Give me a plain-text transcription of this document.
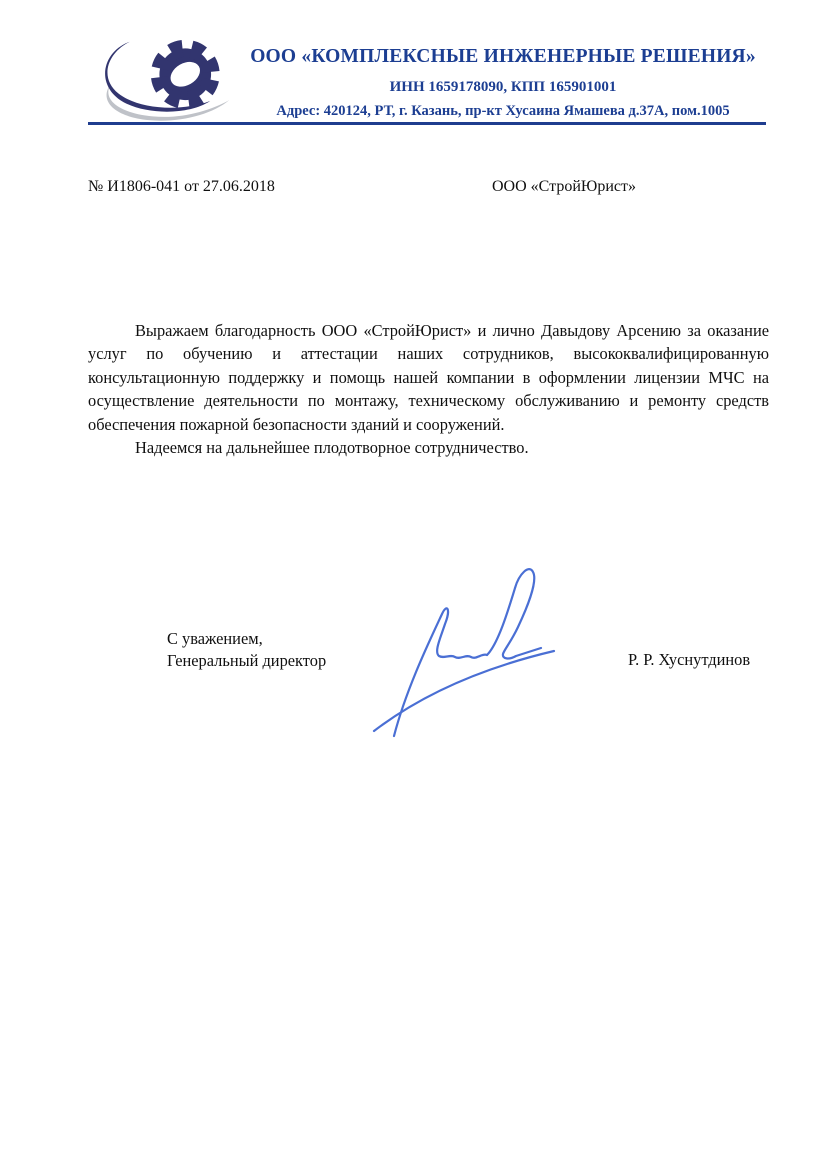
ООО «КОМПЛЕКСНЫЕ ИНЖЕНЕРНЫЕ РЕШЕНИЯ»
ИНН 1659178090, КПП 165901001
Адрес: 420124, РТ, г. Казань, пр-кт Хусаина Ямашева д.37А, пом.1005
№ И1806-041 от 27.06.2018	ООО «СтройЮрист»

Выражаем благодарность ООО «СтройЮрист» и лично Давыдову Арсению за оказание услуг по обучению и аттестации наших сотрудников, высококвалифицированную консультационную поддержку и помощь нашей компании в оформлении лицензии МЧС на осуществление деятельности по монтажу, техническому обслуживанию и ремонту средств обеспечения пожарной безопасности зданий и сооружений.

Надеемся на дальнейшее плодотворное сотрудничество.

С уважением,
Генеральный директор	Р. Р. Хуснутдинов
